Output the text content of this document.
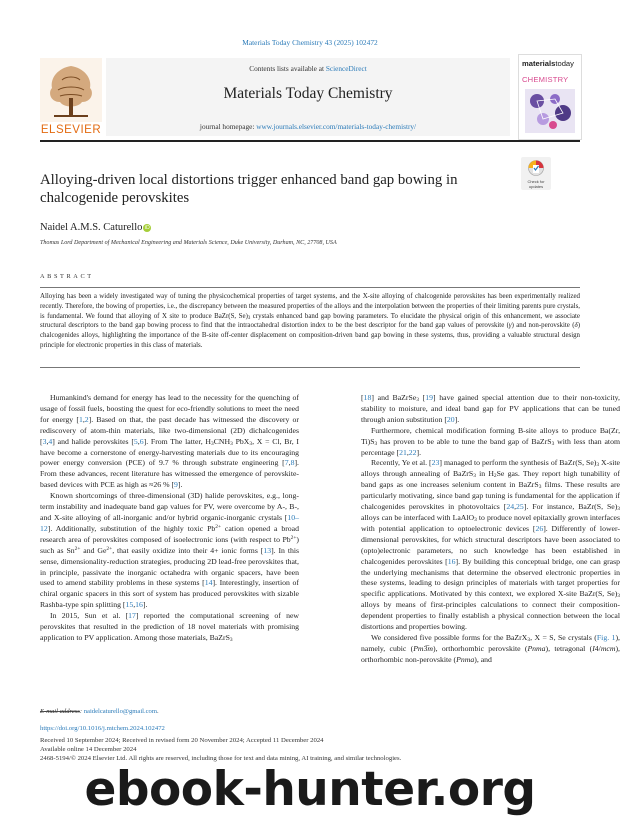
Materials Today Chemistry 43 (2025) 102472
ELSEVIER
Contents lists available at ScienceDirect
Materials Today Chemistry
journal homepage: www.journals.elsevier.com/materials-today-chemistry/
materialstoday
CHEMISTRY
Alloying-driven local distortions trigger enhanced band gap bowing in chalcogenide perovskites
Check for updates
Naidel A.M.S. Caturello iD
Thomas Lord Department of Mechanical Engineering and Materials Science, Duke University, Durham, NC, 27708, USA
ABSTRACT
Alloying has been a widely investigated way of tuning the physicochemical properties of target systems, and the X-site alloying of chalcogenide perovskites has been experimentally realized recently. Therefore, the bowing of properties, i.e., the discrepancy between the measured properties of the alloys and the interpolation between the properties of their limiting parents pure crystals, is fundamental. We found that alloying of X site to produce BaZr(S, $Se)_3$ crystals enhanced band gap bowing parameters. To elucidate the physical origin of this enhancement, we associate structural descriptors to the band gap bowing process to find that the intraoctahedral distortion index to be the best descriptor for the band gap values of perovskite (γ) and non-perovskite (δ) chalcogenides alloys, highlighting the importance of the B-site off-center displacement on composition-driven band gap bowing in these systems, thus, providing a valuable structural design principle for electronic properties in this class of materials.

Humankind's demand for energy has lead to the necessity for the quenching of usage of fossil fuels, boosting the quest for eco-friendly solutions to meet the need for energy [1,2]. Based on that, the past decade has witnessed the discovery or rediscovery of atom-thin materials, like two-dimensional (2D) dichalcogenides [3,4] and halide perovskites [5,6]. From The latter, $H_3CNH_3$ PbX$_3$, X = Cl, Br, I have become a cornerstone of energy-harvesting materials due to its encouraging power energy conversion (PCE) of 9.7 % through substrate engineering [7,8]. From these advances, recent literature has witnessed the emergence of perovskite-based devices with PCE as high as ≈26 % [9].

Known shortcomings of three-dimensional (3D) halide perovskites, e.g., long-term instability and inadequate band gap values for PV, were overcome by A-, B-, and X-site alloying of all-inorganic and/or hybrid organic-inorganic crystals [10–12]. Additionally, substitution of the highly toxic $Pb^{2+}$ cation opened a broad research area of perovskites composed of isoelectronic ions (with respect to $Pb^{2+}$) such as $Sn^{2+}$ and $Ge^{2+}$, that easily oxidize into their 4+ ionic forms [13]. In this sense, dimensionality-reduction strategies, producing 2D lead-free perovskites that, in principle, passivate the inorganic octahedra with organic spacers, have been used to amend stability problems in these systems [14]. Interestingly, insertion of chiral organic spacers in this sort of system has produced perovskites with sizable Rashba-type spin splitting [15,16].

In 2015, Sun et al. [17] reported the computational screening of new perovskites that resulted in the prediction of 18 novel materials with promising application to PV application. Among those materials, BaZrS$_3$

[18] and BaZrSe$_3$ [19] have gained special attention due to their non-toxicity, stability to moisture, and ideal band gap for PV applications that can be tuned through anion substitution [20].

Furthermore, chemical modification forming B-site alloys to produce Ba(Zr, $Ti)S_3$ has proven to be able to tune the band gap of BaZrS$_3$ with less than atom percentage [21,22].

Recently, Ye et al. [23] managed to perform the synthesis of BaZr(S, $Se)_3$ X-site alloys through annealing of BaZrS$_3$ in $H_2Se$ gas. They report high tunability of band gaps as one increases selenium content in BaZrS$_3$ films. These results are particularly motivating, since band gap tuning is fundamental for the application if chalcogenides perovskites in photovoltaics [24,25]. For instance, BaZr(S, $Se)_3$ alloys can be interfaced with LaAlO$_3$ to produce novel epitaxially grown interfaces with potential application to optoelectronic devices [26]. Differently of lower-dimensional perovskites, for which structural descriptors have been associated to (opto)electronic parameters, no such knowledge has been established in chalcogenides perovskites [16]. By building this conceptual bridge, one can grasp the underlying mechanisms that determine the observed electronic properties in these systems, leading to design principles of materials with target properties for specific applications. Motivated by this context, we explored X-site BaZr(S, $Se)_3$ alloys by means of first-principles calculations to connect their composition-dependent properties to finally establish a physical connection between the local distortions and properties bowing.

We considered five possible forms for the BaZrX$_3$, X = S, Se crystals (Fig. 1), namely, cubic (Pm3̅m), orthorhombic perovskite (Pnma), tetragonal (I4/mcm), orthorhombic non-perovskite (Pnma), and

E-mail address: naidelcaturello@gmail.com.
https://doi.org/10.1016/j.mtchem.2024.102472
Received 10 September 2024; Received in revised form 20 November 2024; Accepted 11 December 2024
Available online 14 December 2024
2468-5194/© 2024 Elsevier Ltd. All rights are reserved, including those for text and data mining, AI training, and similar technologies.
ebook-hunter.org
